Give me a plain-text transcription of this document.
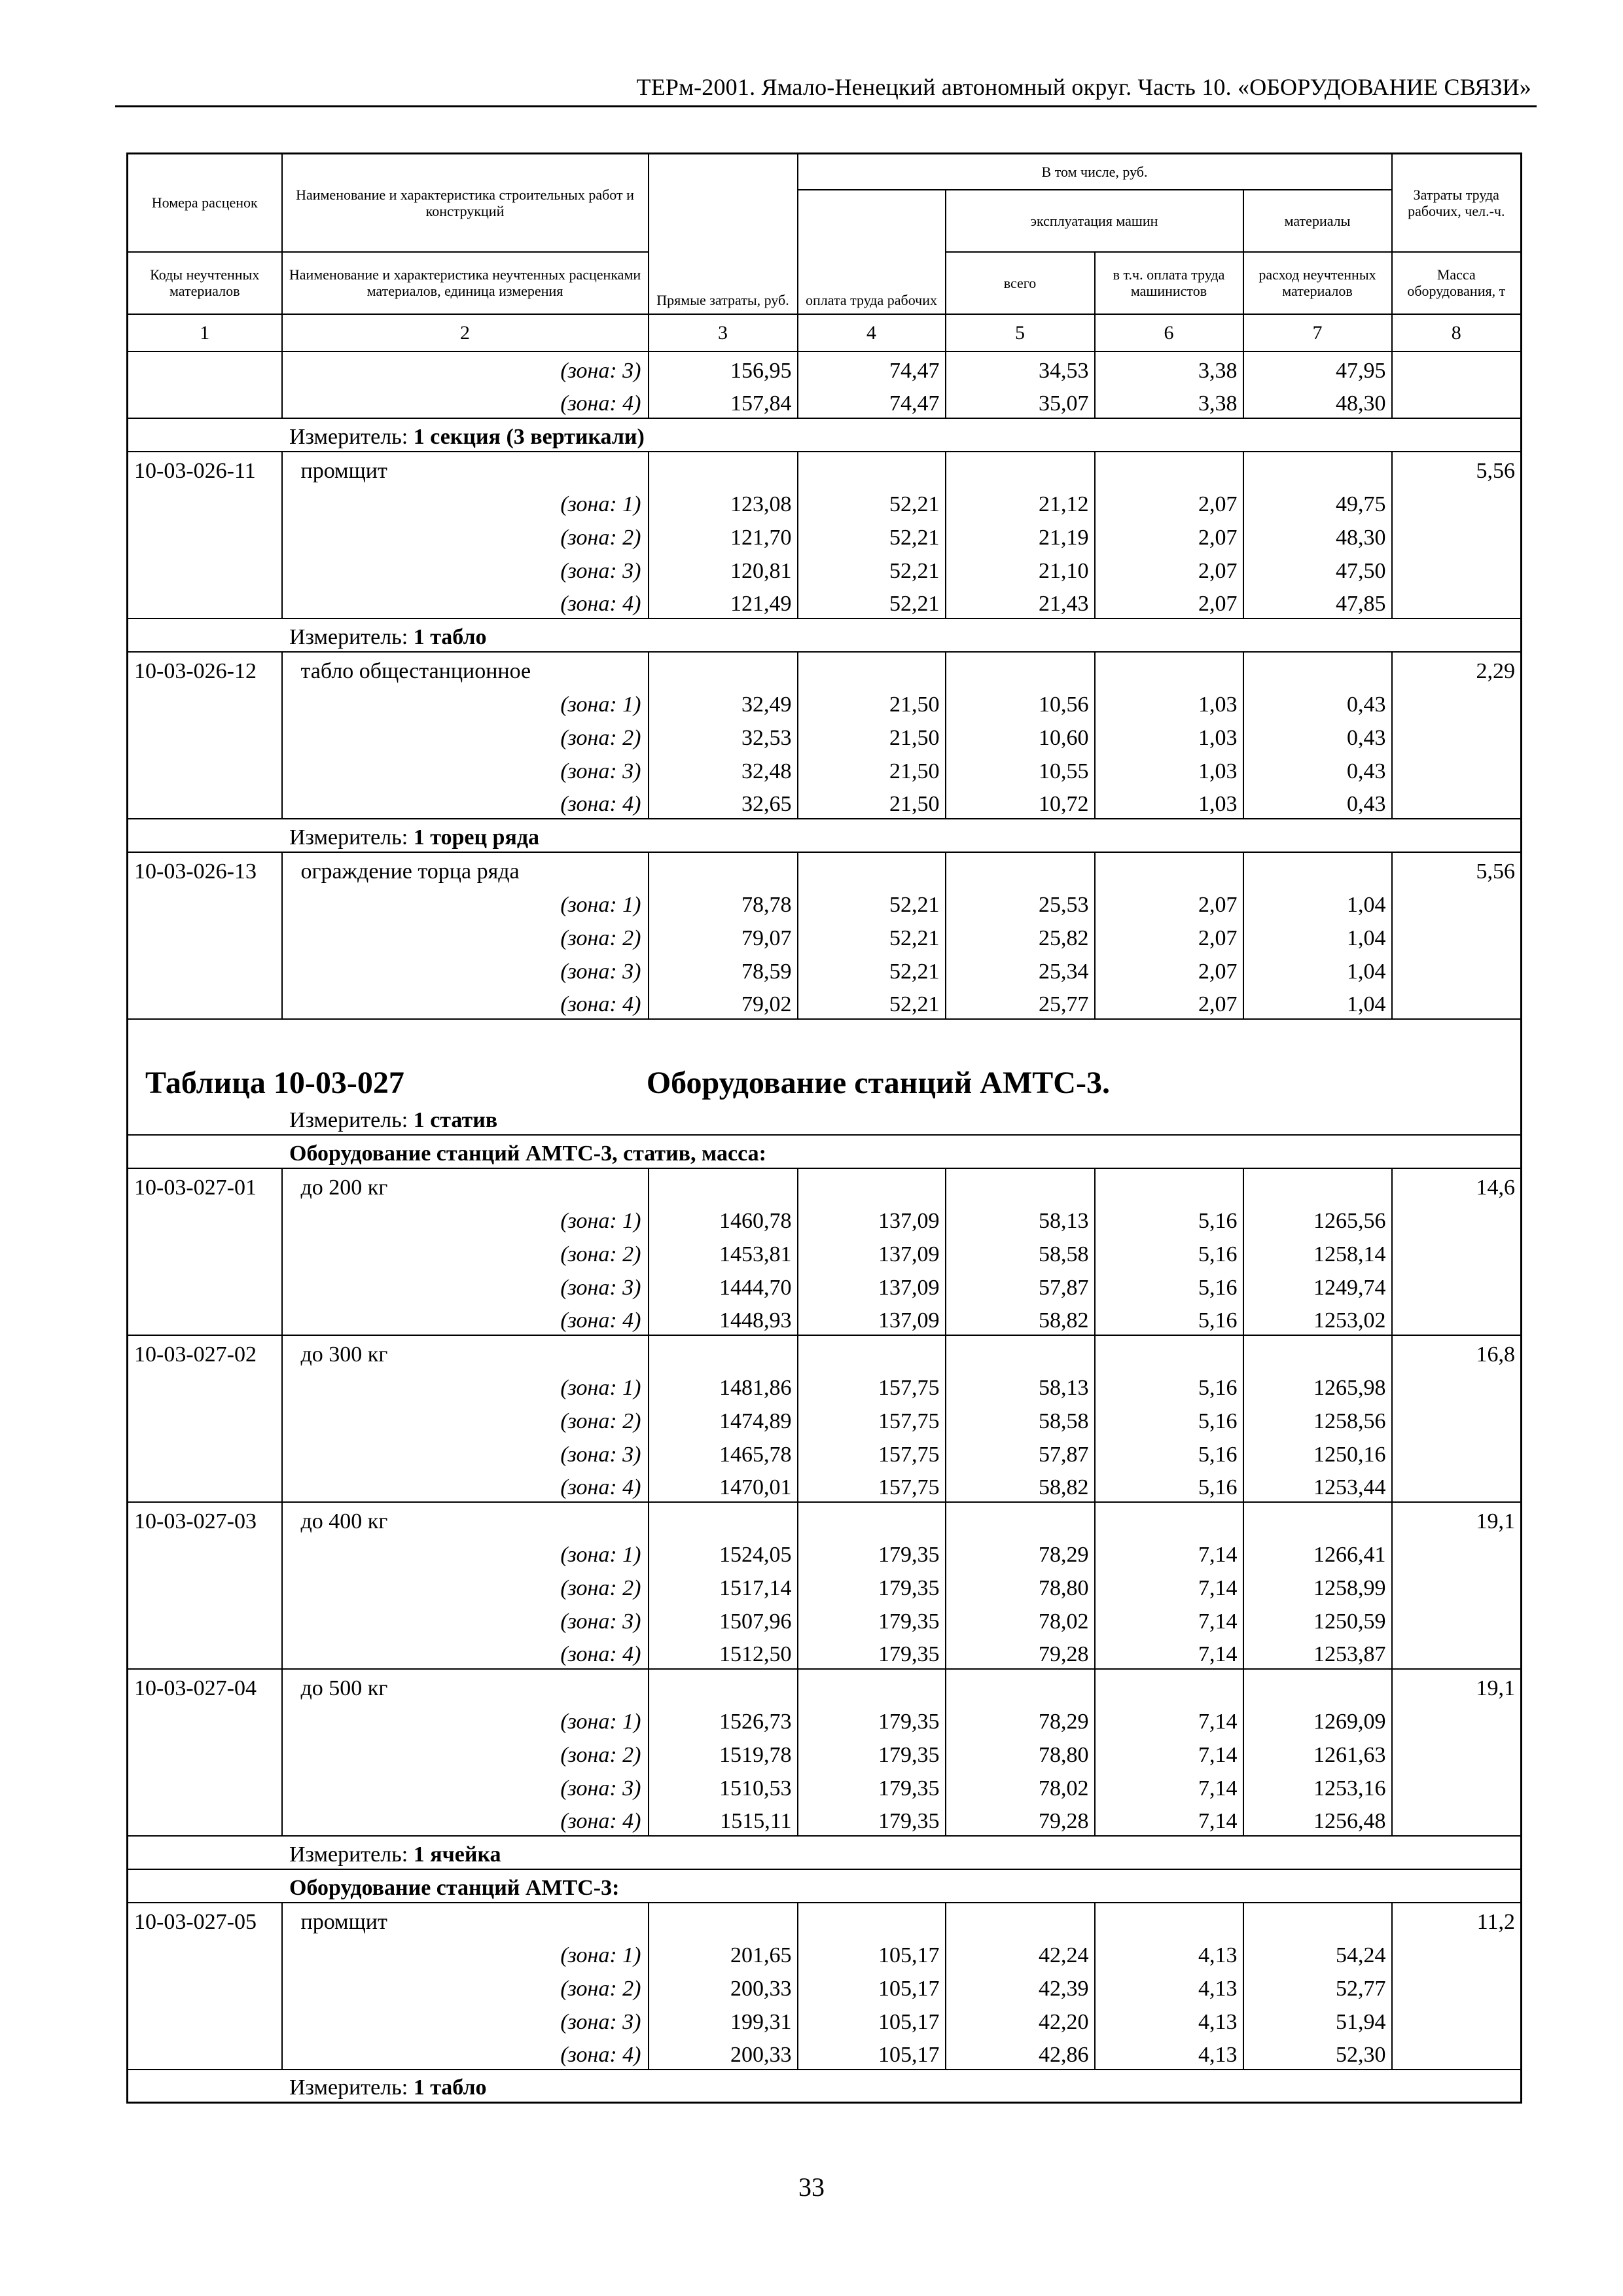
ТЕРм-2001. Ямало-Ненецкий автономный округ. Часть 10. «ОБОРУДОВАНИЕ СВЯЗИ»
Номера расценок	Наименование и характеристика строительных работ и конструкций	Прямые затраты, руб.	В том числе, руб.				Затраты труда рабочих, чел.-ч.
			оплата труда рабочих	эксплуатация машин		материалы	
Коды неучтенных материалов	Наименование и характеристика неучтенных расценками материалов, единица измерения			всего	в т.ч. оплата труда машинистов	расход неучтенных материалов	Масса оборудования, т
1	2	3	4	5	6	7	8
	(зона: 3)	156,95	74,47	34,53	3,38	47,95	
	(зона: 4)	157,84	74,47	35,07	3,38	48,30	
Измеритель: 1 секция (3 вертикали)							
10-03-026-11	промщит						5,56
	(зона: 1)	123,08	52,21	21,12	2,07	49,75	
	(зона: 2)	121,70	52,21	21,19	2,07	48,30	
	(зона: 3)	120,81	52,21	21,10	2,07	47,50	
	(зона: 4)	121,49	52,21	21,43	2,07	47,85	
Измеритель: 1 табло							
10-03-026-12	табло общестанционное						2,29
	(зона: 1)	32,49	21,50	10,56	1,03	0,43	
	(зона: 2)	32,53	21,50	10,60	1,03	0,43	
	(зона: 3)	32,48	21,50	10,55	1,03	0,43	
	(зона: 4)	32,65	21,50	10,72	1,03	0,43	
Измеритель: 1 торец ряда							
10-03-026-13	ограждение торца ряда						5,56
	(зона: 1)	78,78	52,21	25,53	2,07	1,04	
	(зона: 2)	79,07	52,21	25,82	2,07	1,04	
	(зона: 3)	78,59	52,21	25,34	2,07	1,04	
	(зона: 4)	79,02	52,21	25,77	2,07	1,04	
Таблица 10-03-027 Оборудование станций АМТС-3.							
Измеритель: 1 статив							
Оборудование станций АМТС-3, статив, масса:							
10-03-027-01	до 200 кг						14,6
	(зона: 1)	1460,78	137,09	58,13	5,16	1265,56	
	(зона: 2)	1453,81	137,09	58,58	5,16	1258,14	
	(зона: 3)	1444,70	137,09	57,87	5,16	1249,74	
	(зона: 4)	1448,93	137,09	58,82	5,16	1253,02	
10-03-027-02	до 300 кг						16,8
	(зона: 1)	1481,86	157,75	58,13	5,16	1265,98	
	(зона: 2)	1474,89	157,75	58,58	5,16	1258,56	
	(зона: 3)	1465,78	157,75	57,87	5,16	1250,16	
	(зона: 4)	1470,01	157,75	58,82	5,16	1253,44	
10-03-027-03	до 400 кг						19,1
	(зона: 1)	1524,05	179,35	78,29	7,14	1266,41	
	(зона: 2)	1517,14	179,35	78,80	7,14	1258,99	
	(зона: 3)	1507,96	179,35	78,02	7,14	1250,59	
	(зона: 4)	1512,50	179,35	79,28	7,14	1253,87	
10-03-027-04	до 500 кг						19,1
	(зона: 1)	1526,73	179,35	78,29	7,14	1269,09	
	(зона: 2)	1519,78	179,35	78,80	7,14	1261,63	
	(зона: 3)	1510,53	179,35	78,02	7,14	1253,16	
	(зона: 4)	1515,11	179,35	79,28	7,14	1256,48	
Измеритель: 1 ячейка							
Оборудование станций АМТС-3:							
10-03-027-05	промщит						11,2
	(зона: 1)	201,65	105,17	42,24	4,13	54,24	
	(зона: 2)	200,33	105,17	42,39	4,13	52,77	
	(зона: 3)	199,31	105,17	42,20	4,13	51,94	
	(зона: 4)	200,33	105,17	42,86	4,13	52,30	
Измеритель: 1 табло							
33
